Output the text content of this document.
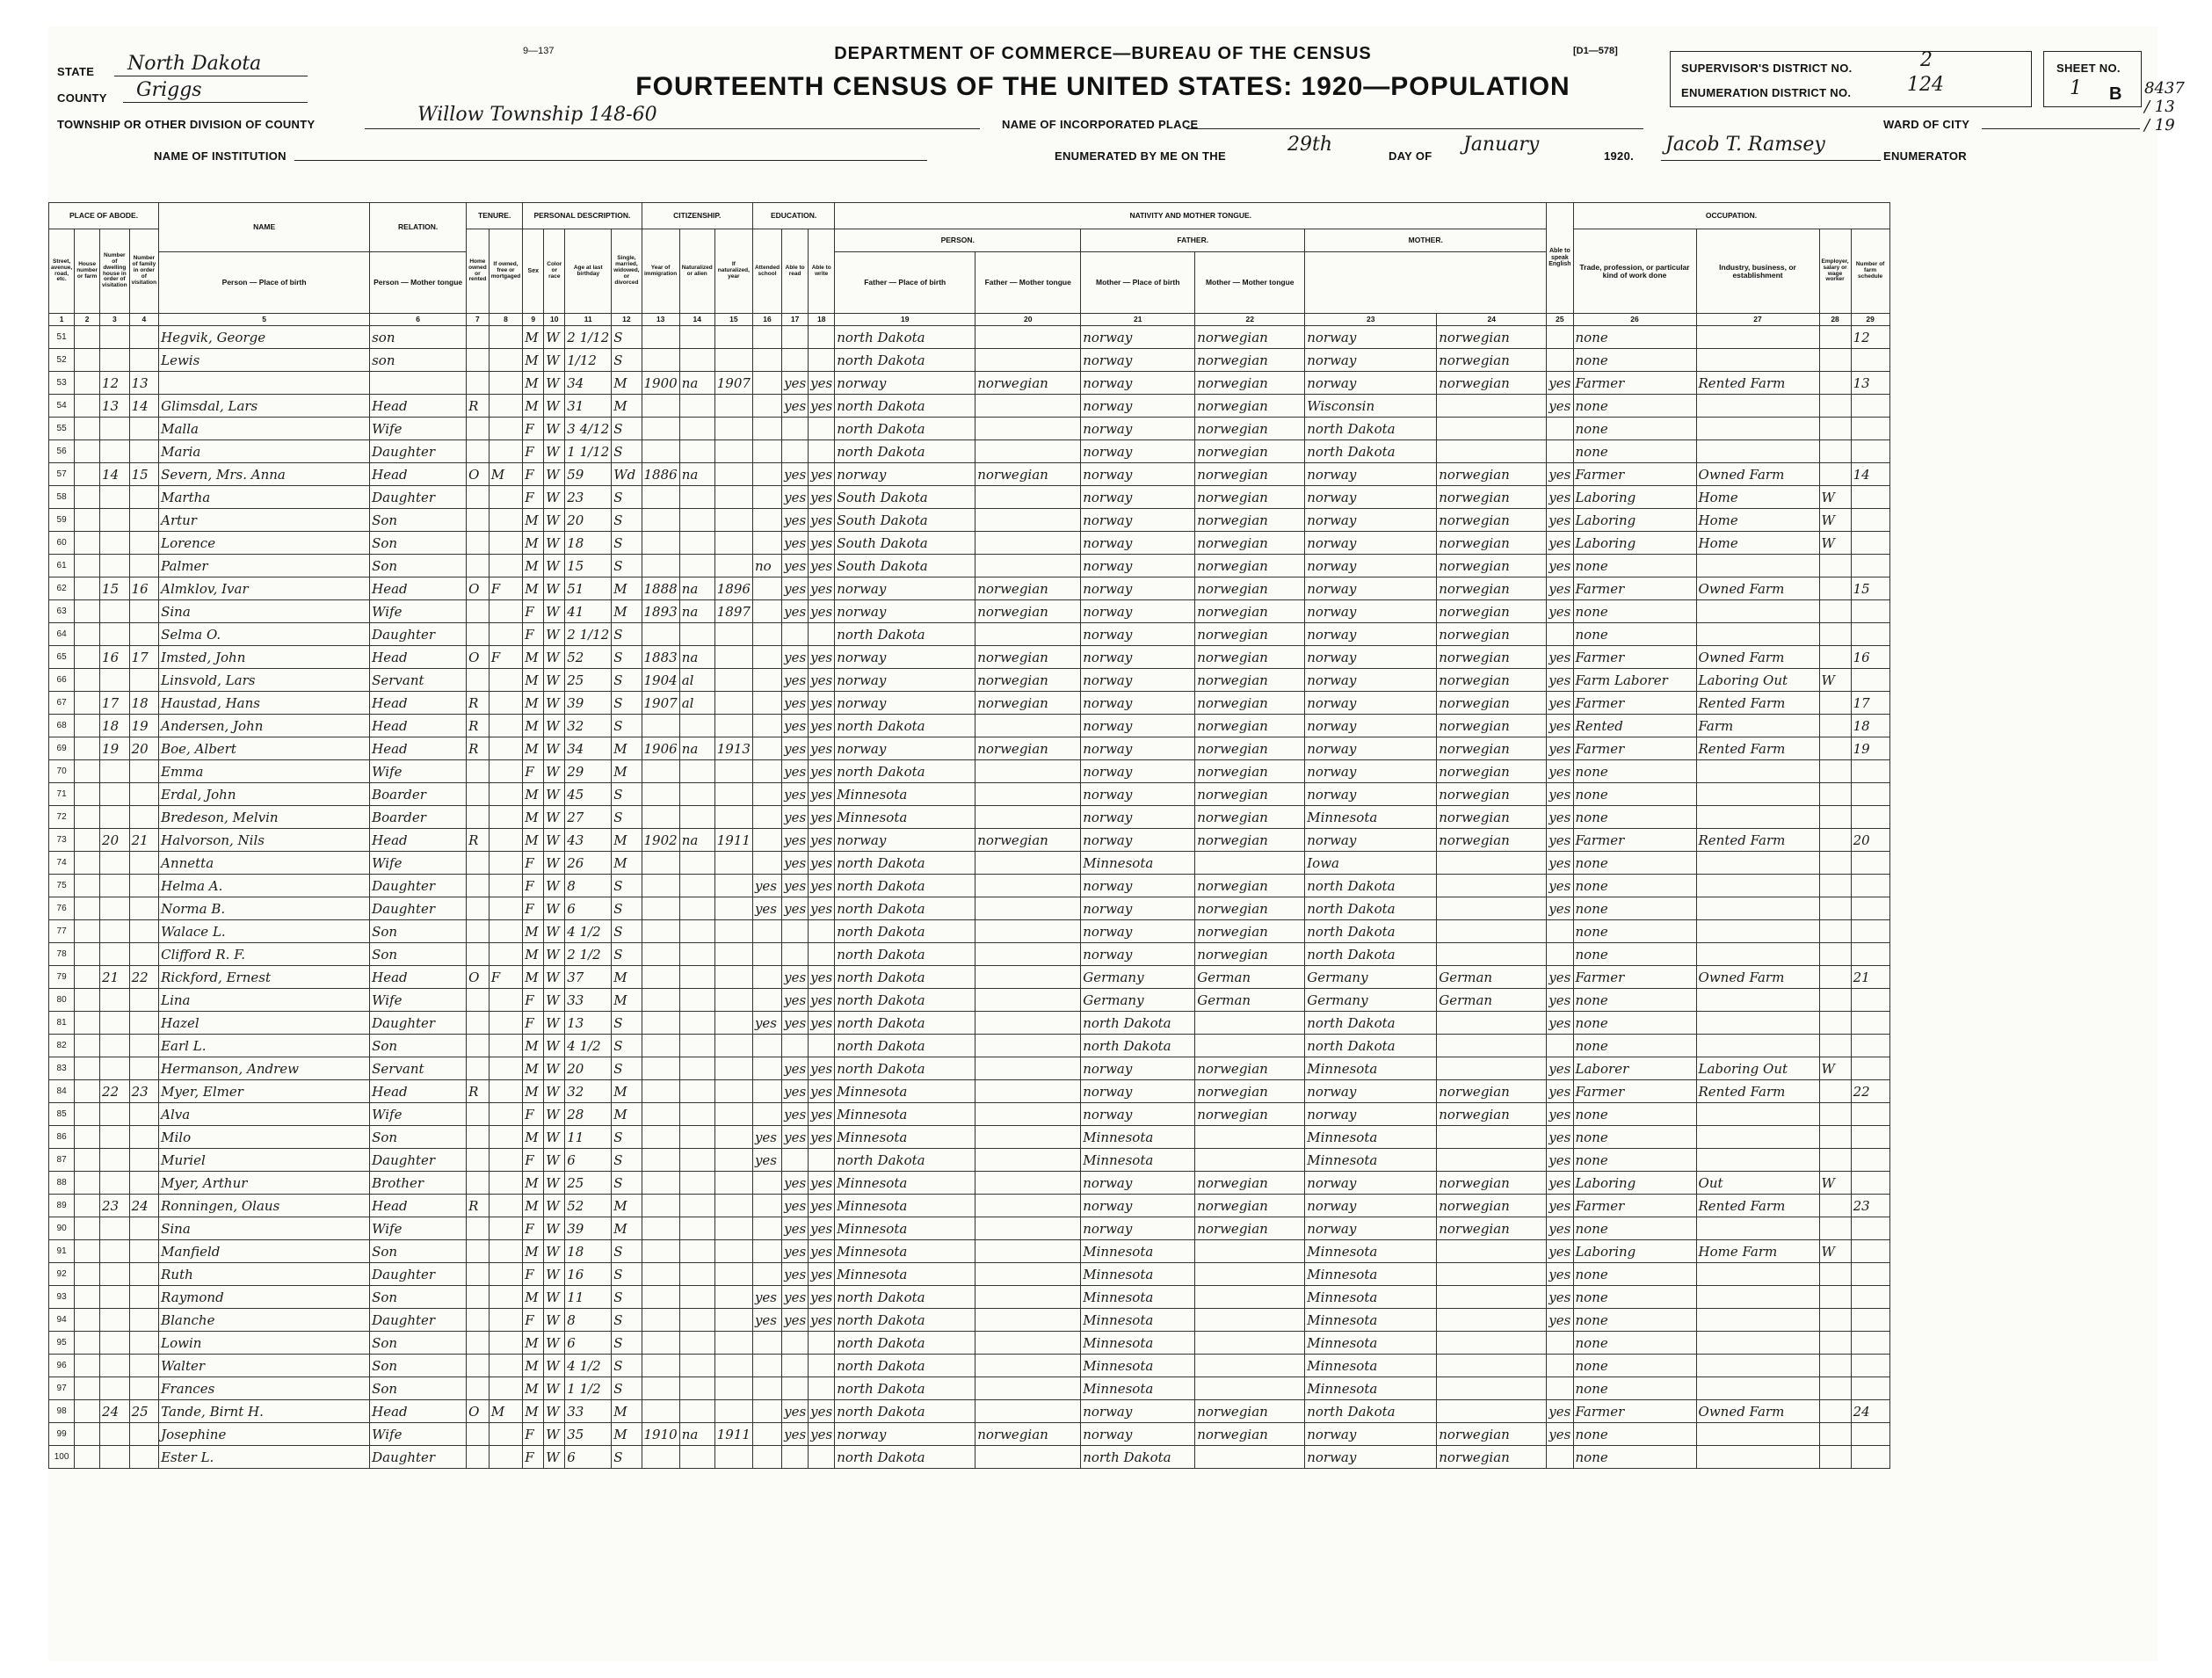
9—137	DEPARTMENT OF COMMERCE—BUREAU OF THE CENSUS	[D1—578]
FOURTEENTH CENSUS OF THE UNITED STATES: 1920—POPULATION
STATE North Dakota
COUNTY Griggs
TOWNSHIP OR OTHER DIVISION OF COUNTY	Willow Township 148-60
NAME OF INSTITUTION
NAME OF INCORPORATED PLACE
ENUMERATED BY ME ON THE
29th
DAY OF
January
1920.
Jacob T. Ramsey
ENUMERATOR
SUPERVISOR'S DISTRICT NO.	2
ENUMERATION DISTRICT NO.	124
SHEET NO.
1 B
WARD OF CITY
8437 / 13 / 19
PLACE OF ABODE.				NAME	RELATION.	TENURE.		PERSONAL DESCRIPTION.				CITIZENSHIP.			EDUCATION.			NATIVITY AND MOTHER TONGUE.						Able to speak English	OCCUPATION.			
Street, avenue, road, etc.	House number or farm	Number of dwelling house in order of visitation	Number of family in order of visitation			Home owned or rented	If owned, free or mortgaged	Sex	Color or race	Age at last birthday	Single, married, widowed, or divorced	Year of immigration	Naturalized or alien	If naturalized, year	Attended school	Able to read	Able to write	PERSON.		FATHER.		MOTHER.			Trade, profession, or particular kind of work done	Industry, business, or establishment	Employer, salary or wage worker	Number of farm schedule
				Person — Place of birth	Person — Mother tongue													Father — Place of birth	Father — Mother tongue	Mother — Place of birth	Mother — Mother tongue							
1	2	3	4	5	6	7	8	9	10	11	12	13	14	15	16	17	18	19	20	21	22	23	24	25	26	27	28	29
51				Hegvik, George	son			M	W	2 1/12	S							north Dakota		norway	norwegian	norway	norwegian		none			12
52				Lewis	son			M	W	1/12	S							north Dakota		norway	norwegian	norway	norwegian		none			
53		12	13					M	W	34	M	1900	na	1907		yes	yes	norway	norwegian	norway	norwegian	norway	norwegian	yes	Farmer	Rented Farm		13
54		13	14	Glimsdal, Lars	Head	R		M	W	31	M					yes	yes	north Dakota		norway	norwegian	Wisconsin		yes	none			
55				Malla	Wife			F	W	3 4/12	S							north Dakota		norway	norwegian	north Dakota			none			
56				Maria	Daughter			F	W	1 1/12	S							north Dakota		norway	norwegian	north Dakota			none			
57		14	15	Severn, Mrs. Anna	Head	O	M	F	W	59	Wd	1886	na			yes	yes	norway	norwegian	norway	norwegian	norway	norwegian	yes	Farmer	Owned Farm		14
58				Martha	Daughter			F	W	23	S					yes	yes	South Dakota		norway	norwegian	norway	norwegian	yes	Laboring	Home	W	
59				Artur	Son			M	W	20	S					yes	yes	South Dakota		norway	norwegian	norway	norwegian	yes	Laboring	Home	W	
60				Lorence	Son			M	W	18	S					yes	yes	South Dakota		norway	norwegian	norway	norwegian	yes	Laboring	Home	W	
61				Palmer	Son			M	W	15	S				no	yes	yes	South Dakota		norway	norwegian	norway	norwegian	yes	none			
62		15	16	Almklov, Ivar	Head	O	F	M	W	51	M	1888	na	1896		yes	yes	norway	norwegian	norway	norwegian	norway	norwegian	yes	Farmer	Owned Farm		15
63				Sina	Wife			F	W	41	M	1893	na	1897		yes	yes	norway	norwegian	norway	norwegian	norway	norwegian	yes	none			
64				Selma O.	Daughter			F	W	2 1/12	S							north Dakota		norway	norwegian	norway	norwegian		none			
65		16	17	Imsted, John	Head	O	F	M	W	52	S	1883	na			yes	yes	norway	norwegian	norway	norwegian	norway	norwegian	yes	Farmer	Owned Farm		16
66				Linsvold, Lars	Servant			M	W	25	S	1904	al			yes	yes	norway	norwegian	norway	norwegian	norway	norwegian	yes	Farm Laborer	Laboring Out	W	
67		17	18	Haustad, Hans	Head	R		M	W	39	S	1907	al			yes	yes	norway	norwegian	norway	norwegian	norway	norwegian	yes	Farmer	Rented Farm		17
68		18	19	Andersen, John	Head	R		M	W	32	S					yes	yes	north Dakota		norway	norwegian	norway	norwegian	yes	Rented	Farm		18
69		19	20	Boe, Albert	Head	R		M	W	34	M	1906	na	1913		yes	yes	norway	norwegian	norway	norwegian	norway	norwegian	yes	Farmer	Rented Farm		19
70				Emma	Wife			F	W	29	M					yes	yes	north Dakota		norway	norwegian	norway	norwegian	yes	none			
71				Erdal, John	Boarder			M	W	45	S					yes	yes	Minnesota		norway	norwegian	norway	norwegian	yes	none			
72				Bredeson, Melvin	Boarder			M	W	27	S					yes	yes	Minnesota		norway	norwegian	Minnesota	norwegian	yes	none			
73		20	21	Halvorson, Nils	Head	R		M	W	43	M	1902	na	1911		yes	yes	norway	norwegian	norway	norwegian	norway	norwegian	yes	Farmer	Rented Farm		20
74				Annetta	Wife			F	W	26	M					yes	yes	north Dakota		Minnesota		Iowa		yes	none			
75				Helma A.	Daughter			F	W	8	S				yes	yes	yes	north Dakota		norway	norwegian	north Dakota		yes	none			
76				Norma B.	Daughter			F	W	6	S				yes	yes	yes	north Dakota		norway	norwegian	north Dakota		yes	none			
77				Walace L.	Son			M	W	4 1/2	S							north Dakota		norway	norwegian	north Dakota			none			
78				Clifford R. F.	Son			M	W	2 1/2	S							north Dakota		norway	norwegian	north Dakota			none			
79		21	22	Rickford, Ernest	Head	O	F	M	W	37	M					yes	yes	north Dakota		Germany	German	Germany	German	yes	Farmer	Owned Farm		21
80				Lina	Wife			F	W	33	M					yes	yes	north Dakota		Germany	German	Germany	German	yes	none			
81				Hazel	Daughter			F	W	13	S				yes	yes	yes	north Dakota		north Dakota		north Dakota		yes	none			
82				Earl L.	Son			M	W	4 1/2	S							north Dakota		north Dakota		north Dakota			none			
83				Hermanson, Andrew	Servant			M	W	20	S					yes	yes	north Dakota		norway	norwegian	Minnesota		yes	Laborer	Laboring Out	W	
84		22	23	Myer, Elmer	Head	R		M	W	32	M					yes	yes	Minnesota		norway	norwegian	norway	norwegian	yes	Farmer	Rented Farm		22
85				Alva	Wife			F	W	28	M					yes	yes	Minnesota		norway	norwegian	norway	norwegian	yes	none			
86				Milo	Son			M	W	11	S				yes	yes	yes	Minnesota		Minnesota		Minnesota		yes	none			
87				Muriel	Daughter			F	W	6	S				yes			north Dakota		Minnesota		Minnesota		yes	none			
88				Myer, Arthur	Brother			M	W	25	S					yes	yes	Minnesota		norway	norwegian	norway	norwegian	yes	Laboring	Out	W	
89		23	24	Ronningen, Olaus	Head	R		M	W	52	M					yes	yes	Minnesota		norway	norwegian	norway	norwegian	yes	Farmer	Rented Farm		23
90				Sina	Wife			F	W	39	M					yes	yes	Minnesota		norway	norwegian	norway	norwegian	yes	none			
91				Manfield	Son			M	W	18	S					yes	yes	Minnesota		Minnesota		Minnesota		yes	Laboring	Home Farm	W	
92				Ruth	Daughter			F	W	16	S					yes	yes	Minnesota		Minnesota		Minnesota		yes	none			
93				Raymond	Son			M	W	11	S				yes	yes	yes	north Dakota		Minnesota		Minnesota		yes	none			
94				Blanche	Daughter			F	W	8	S				yes	yes	yes	north Dakota		Minnesota		Minnesota		yes	none			
95				Lowin	Son			M	W	6	S							north Dakota		Minnesota		Minnesota			none			
96				Walter	Son			M	W	4 1/2	S							north Dakota		Minnesota		Minnesota			none			
97				Frances	Son			M	W	1 1/2	S							north Dakota		Minnesota		Minnesota			none			
98		24	25	Tande, Birnt H.	Head	O	M	M	W	33	M					yes	yes	north Dakota		norway	norwegian	north Dakota		yes	Farmer	Owned Farm		24
99				Josephine	Wife			F	W	35	M	1910	na	1911		yes	yes	norway	norwegian	norway	norwegian	norway	norwegian	yes	none			
100				Ester L.	Daughter			F	W	6	S							north Dakota		north Dakota		norway	norwegian		none			
